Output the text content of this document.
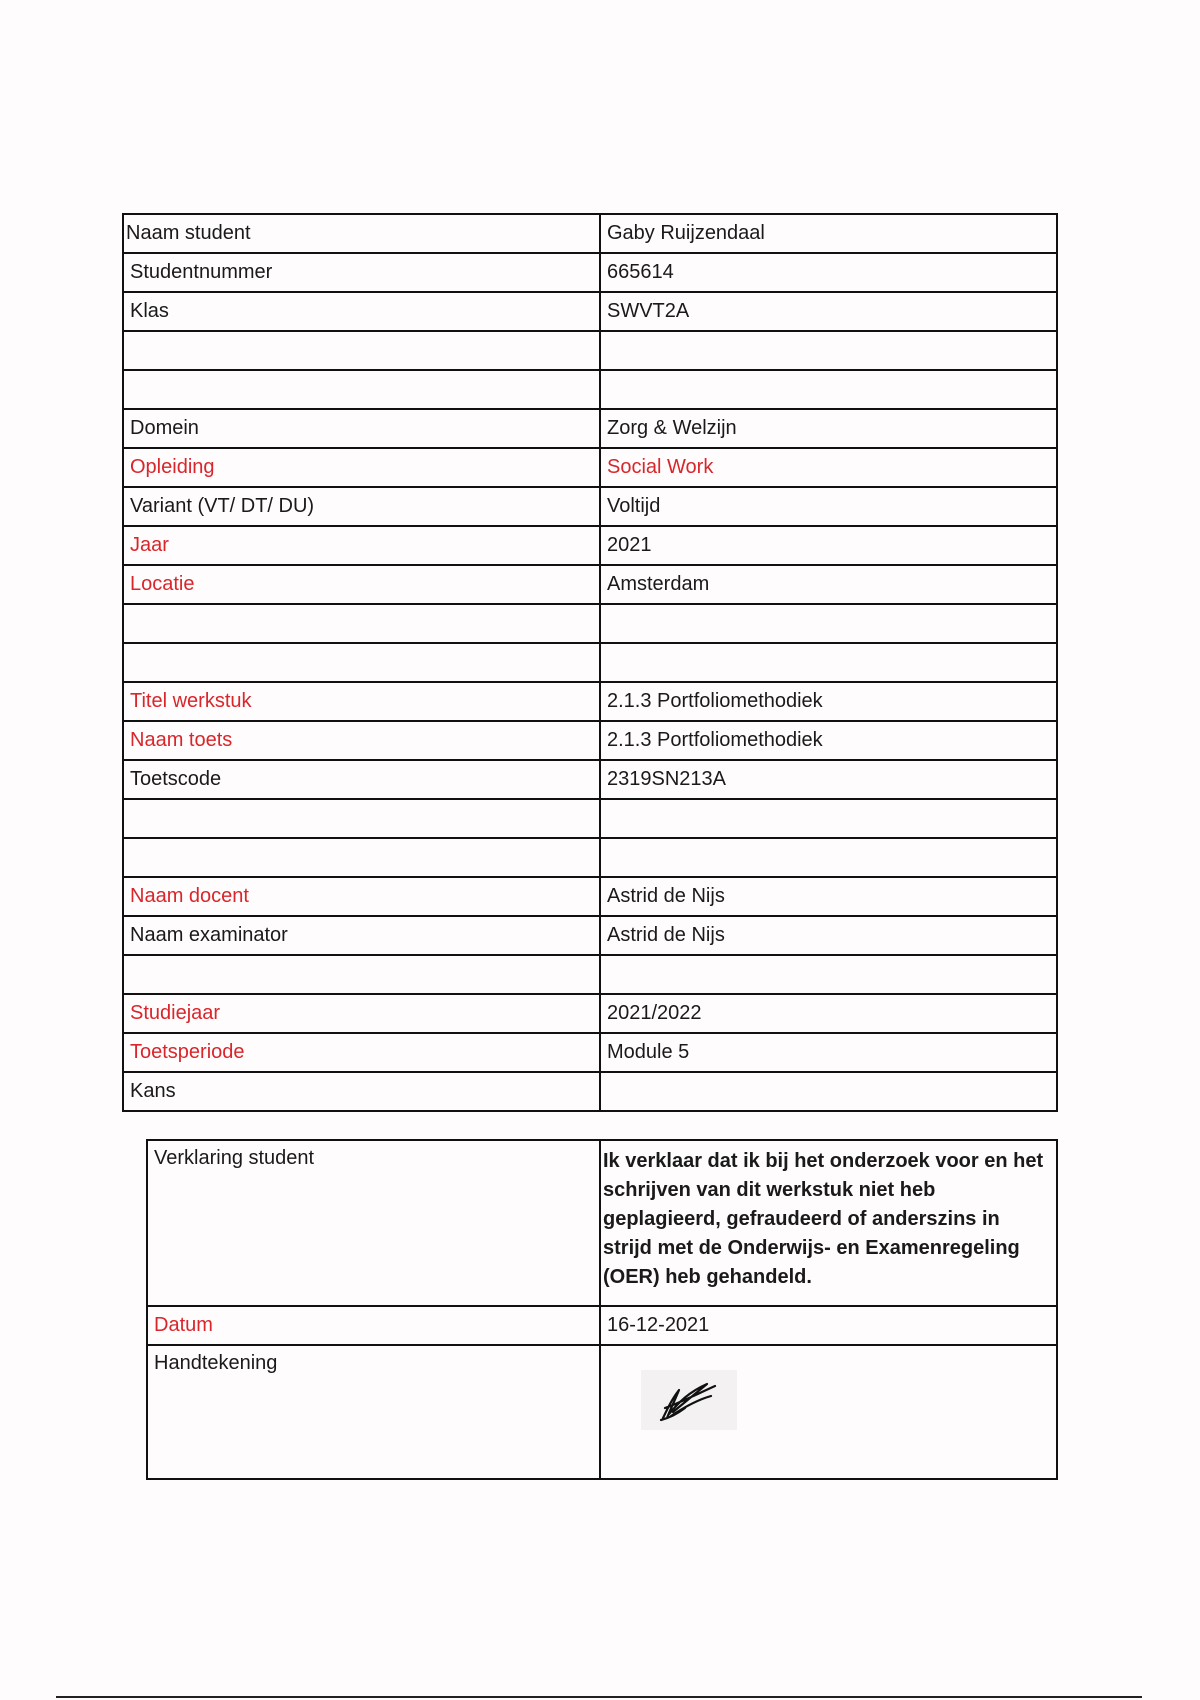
Naam student	Gaby Ruijzendaal
Studentnummer	665614
Klas	SWVT2A

Domein	Zorg & Welzijn
Opleiding	Social Work
Variant (VT/ DT/ DU)	Voltijd
Jaar	2021
Locatie	Amsterdam

Titel werkstuk	2.1.3 Portfoliomethodiek
Naam toets	2.1.3 Portfoliomethodiek
Toetscode	2319SN213A

Naam docent	Astrid de Nijs
Naam examinator	Astrid de Nijs

Studiejaar	2021/2022
Toetsperiode	Module 5
Kans	
Verklaring student	Ik verklaar dat ik bij het onderzoek voor en het schrijven van dit werkstuk niet heb geplagieerd, gefraudeerd of anderszins in strijd met de Onderwijs- en Examenregeling (OER) heb gehandeld.

Datum	16-12-2021
Handtekening	
